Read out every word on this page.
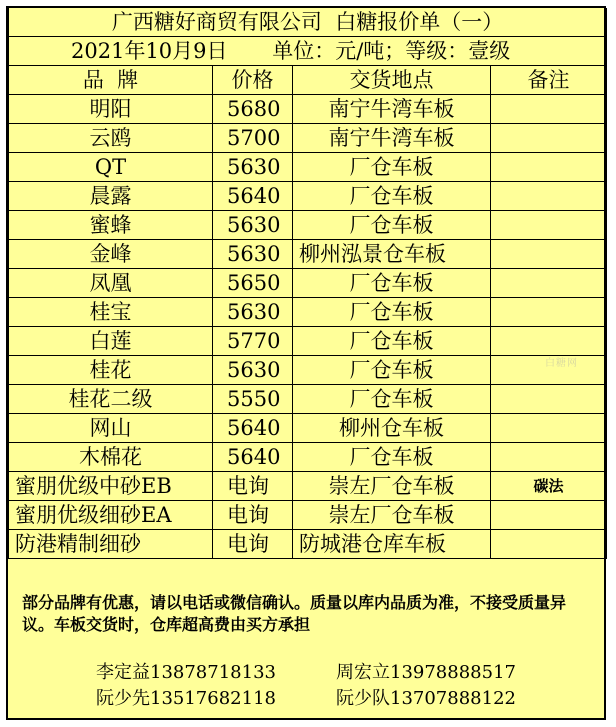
广西糖好商贸有限公司  白糖报价单（一）			
2021年10月9日 单位：元/吨；等级：壹级			
品  牌	价格	交货地点	备注
明阳	5680	南宁牛湾车板	
云鸥	5700	南宁牛湾车板	
QT	5630	厂仓车板	
晨露	5640	厂仓车板	
蜜蜂	5630	厂仓车板	
金峰	5630	柳州泓景仓车板	
凤凰	5650	厂仓车板	
桂宝	5630	厂仓车板	
白莲	5770	厂仓车板	
桂花	5630	厂仓车板	
桂花二级	5550	厂仓车板	
网山	5640	柳州仓车板	
木棉花	5640	厂仓车板	
蜜朋优级中砂EB	电询	崇左厂仓车板	碳法
蜜朋优级细砂EA	电询	崇左厂仓车板	
防港精制细砂	电询	防城港仓库车板	
白糖网
部分品牌有优惠，请以电话或微信确认。质量以库内品质为准，不接受质量异议。车板交货时，仓库超高费由买方承担
李定益13878718133	周宏立13978888517
阮少先13517682118	阮少队13707888122
